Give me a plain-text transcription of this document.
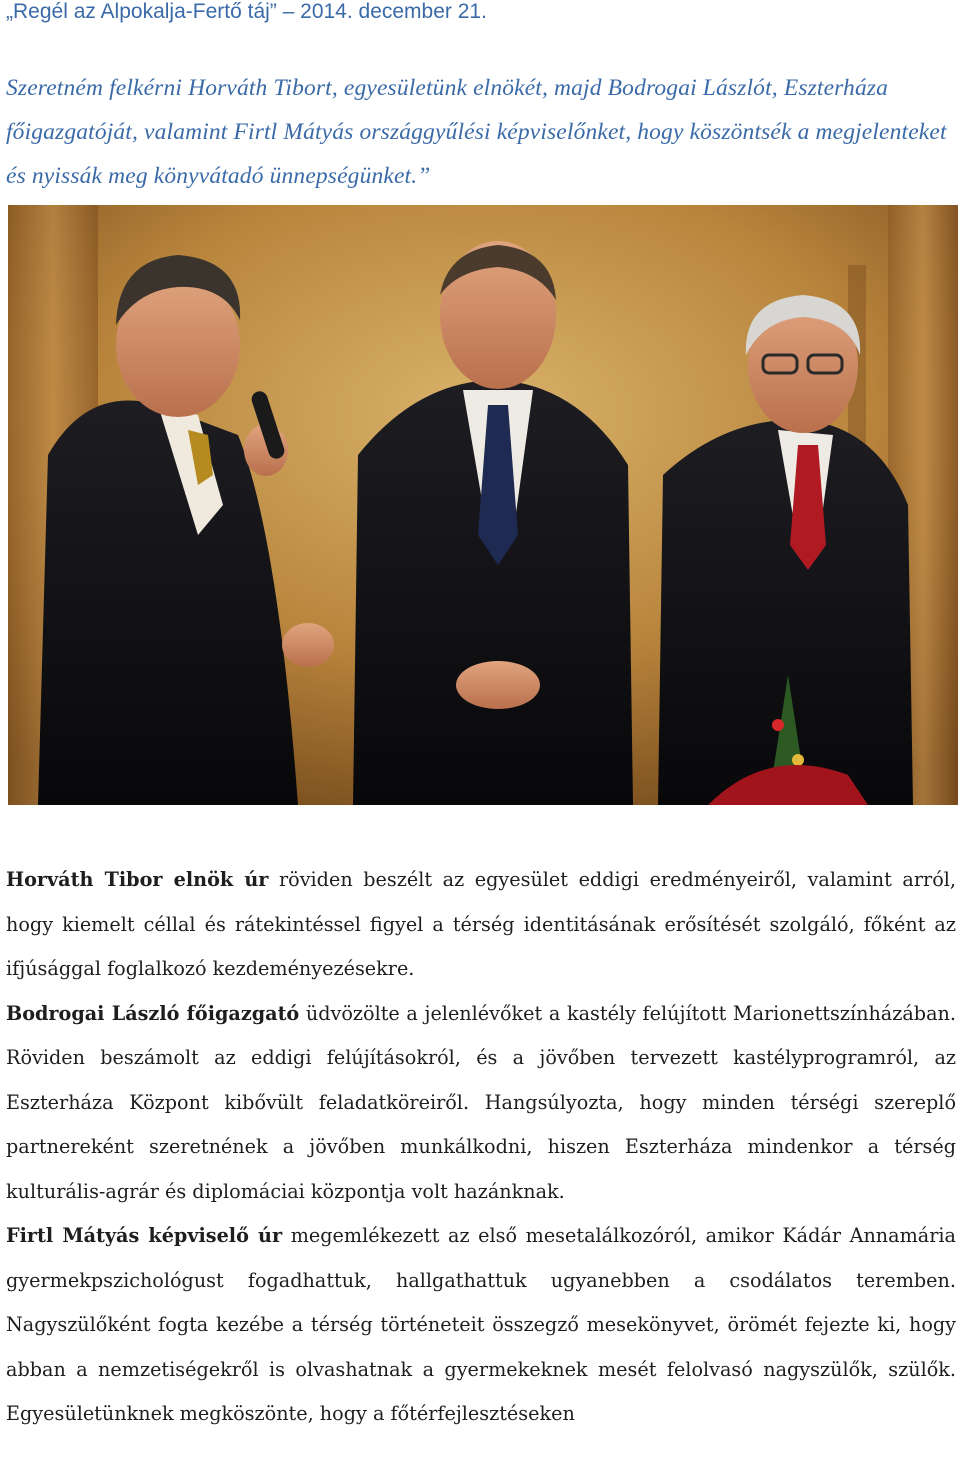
„Regél az Alpokalja-Fertő táj” – 2014. december 21.
Szeretném felkérni Horváth Tibort, egyesületünk elnökét, majd Bodrogai Lászlót, Eszterháza főigazgatóját, valamint Firtl Mátyás országgyűlési képviselőnket, hogy köszöntsék a megjelenteket és nyissák meg könyvátadó ünnepségünket.”

Horváth Tibor elnök úr röviden beszélt az egyesület eddigi eredményeiről, valamint arról, hogy kiemelt céllal és rátekintéssel figyel a térség identitásának erősítését szolgáló, főként az ifjúsággal foglalkozó kezdeményezésekre.

Bodrogai László főigazgató üdvözölte a jelenlévőket a kastély felújított Marionettszínházában. Röviden beszámolt az eddigi felújításokról, és a jövőben tervezett kastélyprogramról, az Eszterháza Központ kibővült feladatköreiről. Hangsúlyozta, hogy minden térségi szereplő partnereként szeretnének a jövőben munkálkodni, hiszen Eszterháza mindenkor a térség kulturális-agrár és diplomáciai központja volt hazánknak.

Firtl Mátyás képviselő úr megemlékezett az első mesetalálkozóról, amikor Kádár Annamária gyermekpszichológust fogadhattuk, hallgathattuk ugyanebben a csodálatos teremben. Nagyszülőként fogta kezébe a térség történeteit összegző mesekönyvet, örömét fejezte ki, hogy abban a nemzetiségekről is olvashatnak a gyermekeknek mesét felolvasó nagyszülők, szülők. Egyesületünknek megköszönte, hogy a főtérfejlesztéseken
